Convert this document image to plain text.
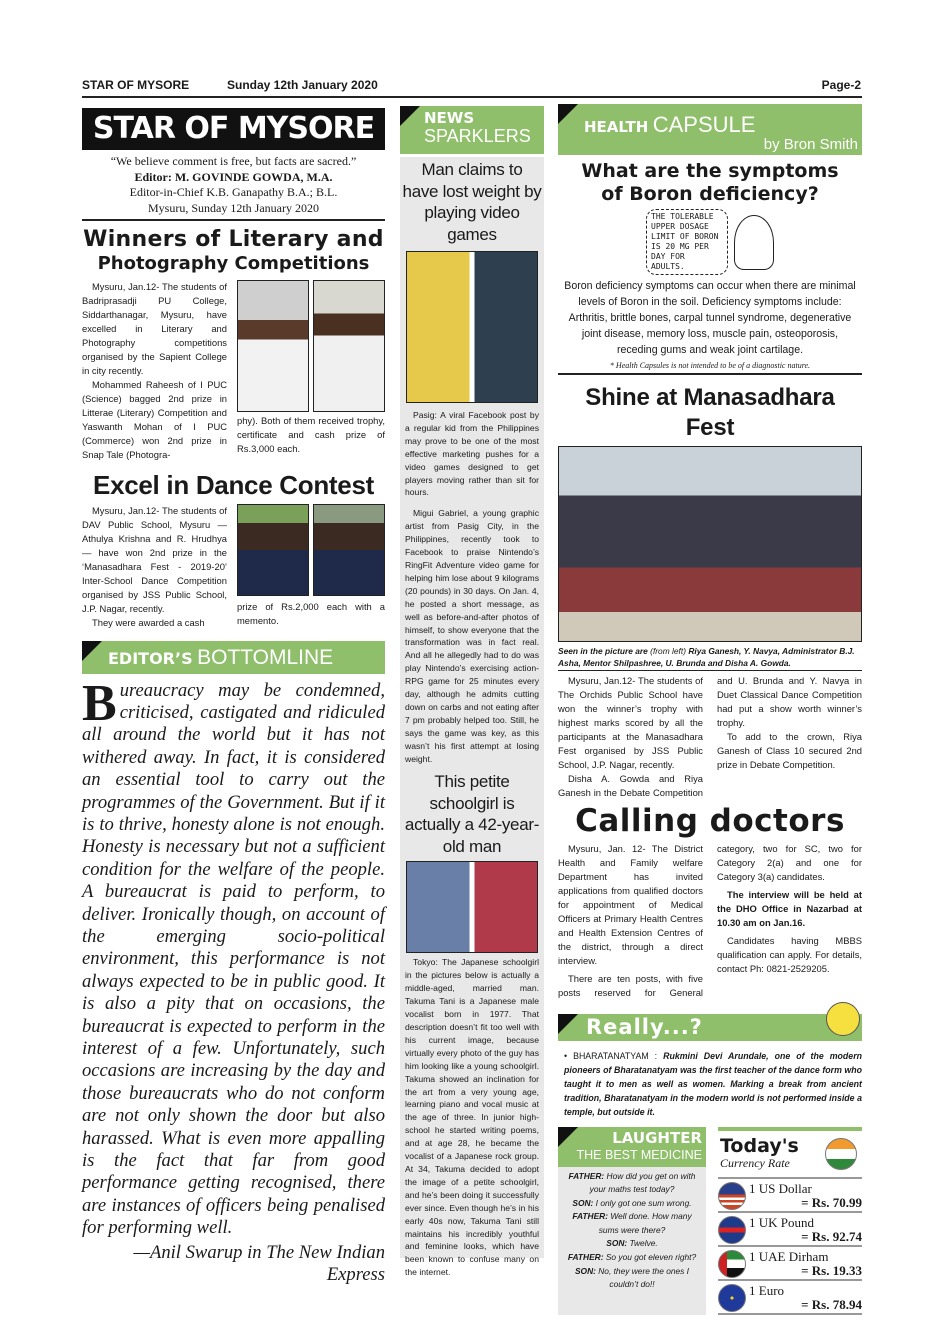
STAR OF MYSORE	Sunday 12th January 2020	Page-2
STAR OF MYSORE
“We believe comment is free, but facts are sacred.”
Editor: M. GOVINDE GOWDA, M.A.
Editor-in-Chief K.B. Ganapathy B.A.; B.L.
Mysuru, Sunday 12th January 2020
Winners of Literary and
Photography Competitions

Mysuru, Jan.12- The students of Badriprasadji PU College, Siddarthanagar, Mysuru, have excelled in Literary and Photography competitions organised by the Sapient College in city recently.

Mohammed Raheesh of I PUC (Science) bagged 2nd prize in Litterae (Literary) Competition and Yaswanth Mohan of I PUC (Commerce) won 2nd prize in Snap Tale (Photogra-

phy). Both of them received trophy, certificate and cash prize of Rs.3,000 each.
Excel in Dance Contest

Mysuru, Jan.12- The students of DAV Public School, Mysuru — Athulya Krishna and R. Hrudhya — have won 2nd prize in the ‘Manasadhara Fest - 2019-20’ Inter-School Dance Competition organised by JSS Public School, J.P. Nagar, recently.

They were awarded a cash

prize of Rs.2,000 each with a memento.
EDITOR’S BOTTOMLINE
Bureaucracy may be condemned, criticised, castigated and ridiculed all around the world but it has not withered away. In fact, it is considered an essential tool to carry out the programmes of the Government. But if it is to thrive, honesty alone is not enough. Honesty is necessary but not a sufficient condition for the welfare of the people. A bureaucrat is paid to perform, to deliver. Ironically though, on account of the emerging socio-political environment, this performance is not always expected to be in public good. It is also a pity that on occasions, the bureaucrat is expected to perform in the interest of a few. Unfortunately, such occasions are increasing by the day and those bureaucrats who do not conform are not only shown the door but also harassed. What is even more appalling is the fact that far from good performance getting recognised, there are instances of officers being penalised for performing well.
—Anil Swarup in The New Indian Express
NEWS
SPARKLERS
Man claims to have lost weight by playing video games

Pasig: A viral Facebook post by a regular kid from the Philippines may prove to be one of the most effective marketing pushes for a video games designed to get players moving rather than sit for hours.

Migui Gabriel, a young graphic artist from Pasig City, in the Philippines, recently took to Facebook to praise Nintendo’s RingFit Adventure video game for helping him lose about 9 kilograms (20 pounds) in 30 days. On Jan. 4, he posted a short message, as well as before-and-after photos of himself, to show everyone that the transformation was in fact real. And all he allegedly had to do was play Nintendo’s exercising action-RPG game for 25 minutes every day, although he admits cutting down on carbs and not eating after 7 pm probably helped too. Still, he says the game was key, as this wasn’t his first attempt at losing weight.

This petite schoolgirl is actually a 42-year-old man

Tokyo: The Japanese schoolgirl in the pictures below is actually a middle-aged, married man. Takuma Tani is a Japanese male vocalist born in 1977. That description doesn’t fit too well with his current image, because virtually every photo of the guy has him looking like a young schoolgirl. Takuma showed an inclination for the art from a very young age, learning piano and vocal music at the age of three. In junior high-school he started writing poems, and at age 28, he became the vocalist of a Japanese rock group. At 34, Takuma decided to adopt the image of a petite schoolgirl, and he’s been doing it successfully ever since. Even though he’s in his early 40s now, Takuma Tani still maintains his incredibly youthful and feminine looks, which have been known to confuse many on the internet.

HEALTH CAPSULE
by Bron Smith
What are the symptoms
of Boron deficiency?
THE TOLERABLE UPPER DOSAGE LIMIT OF BORON IS 20 MG PER DAY FOR ADULTS.
Boron deficiency symptoms can occur when there are minimal levels of Boron in the soil. Deficiency symptoms include: Arthritis, brittle bones, carpal tunnel syndrome, degenerative joint disease, memory loss, muscle pain, osteoporosis, receding gums and weak joint cartilage.
* Health Capsules is not intended to be of a diagnostic nature.
Shine at Manasadhara Fest
Seen in the picture are (from left) Riya Ganesh, Y. Navya, Administrator B.J. Asha, Mentor Shilpashree, U. Brunda and Disha A. Gowda.

Mysuru, Jan.12- The students of The Orchids Public School have won the winner’s trophy with highest marks scored by all the participants at the Manasadhara Fest organised by JSS Public School, J.P. Nagar, recently.

Disha A. Gowda and Riya Ganesh in the Debate Competition and U. Brunda and Y. Navya in Duet Classical Dance Competition had put a show worth winner’s trophy.

To add to the crown, Riya Ganesh of Class 10 secured 2nd prize in Debate Competition.

Calling doctors

Mysuru, Jan. 12- The District Health and Family welfare Department has invited applications from qualified doctors for appointment of Medical Officers at Primary Health Centres and Health Extension Centres of the district, through a direct interview.

There are ten posts, with five posts reserved for General category, two for SC, two for Category 2(a) and one for Category 3(a) candidates.

The interview will be held at the DHO Office in Nazarbad at 10.30 am on Jan.16.

Candidates having MBBS qualification can apply. For details, contact Ph: 0821-2529205.

Really...?
• BHARATANATYAM : Rukmini Devi Arundale, one of the modern pioneers of Bharatanatyam was the first teacher of the dance form who taught it to men as well as women. Marking a break from ancient tradition, Bharatanatyam in the modern world is not performed inside a temple, but outside it.
LAUGHTER
THE BEST MEDICINE
FATHER: How did you get on with your maths test today?
SON: I only got one sum wrong.
FATHER: Well done. How many sums were there?
SON: Twelve.
FATHER: So you got eleven right?
SON: No, they were the ones I couldn’t do!!
Today's
Currency Rate
1 US Dollar
= Rs. 70.99
1 UK Pound
= Rs. 92.74
1 UAE Dirham
= Rs. 19.33
1 Euro
= Rs. 78.94
